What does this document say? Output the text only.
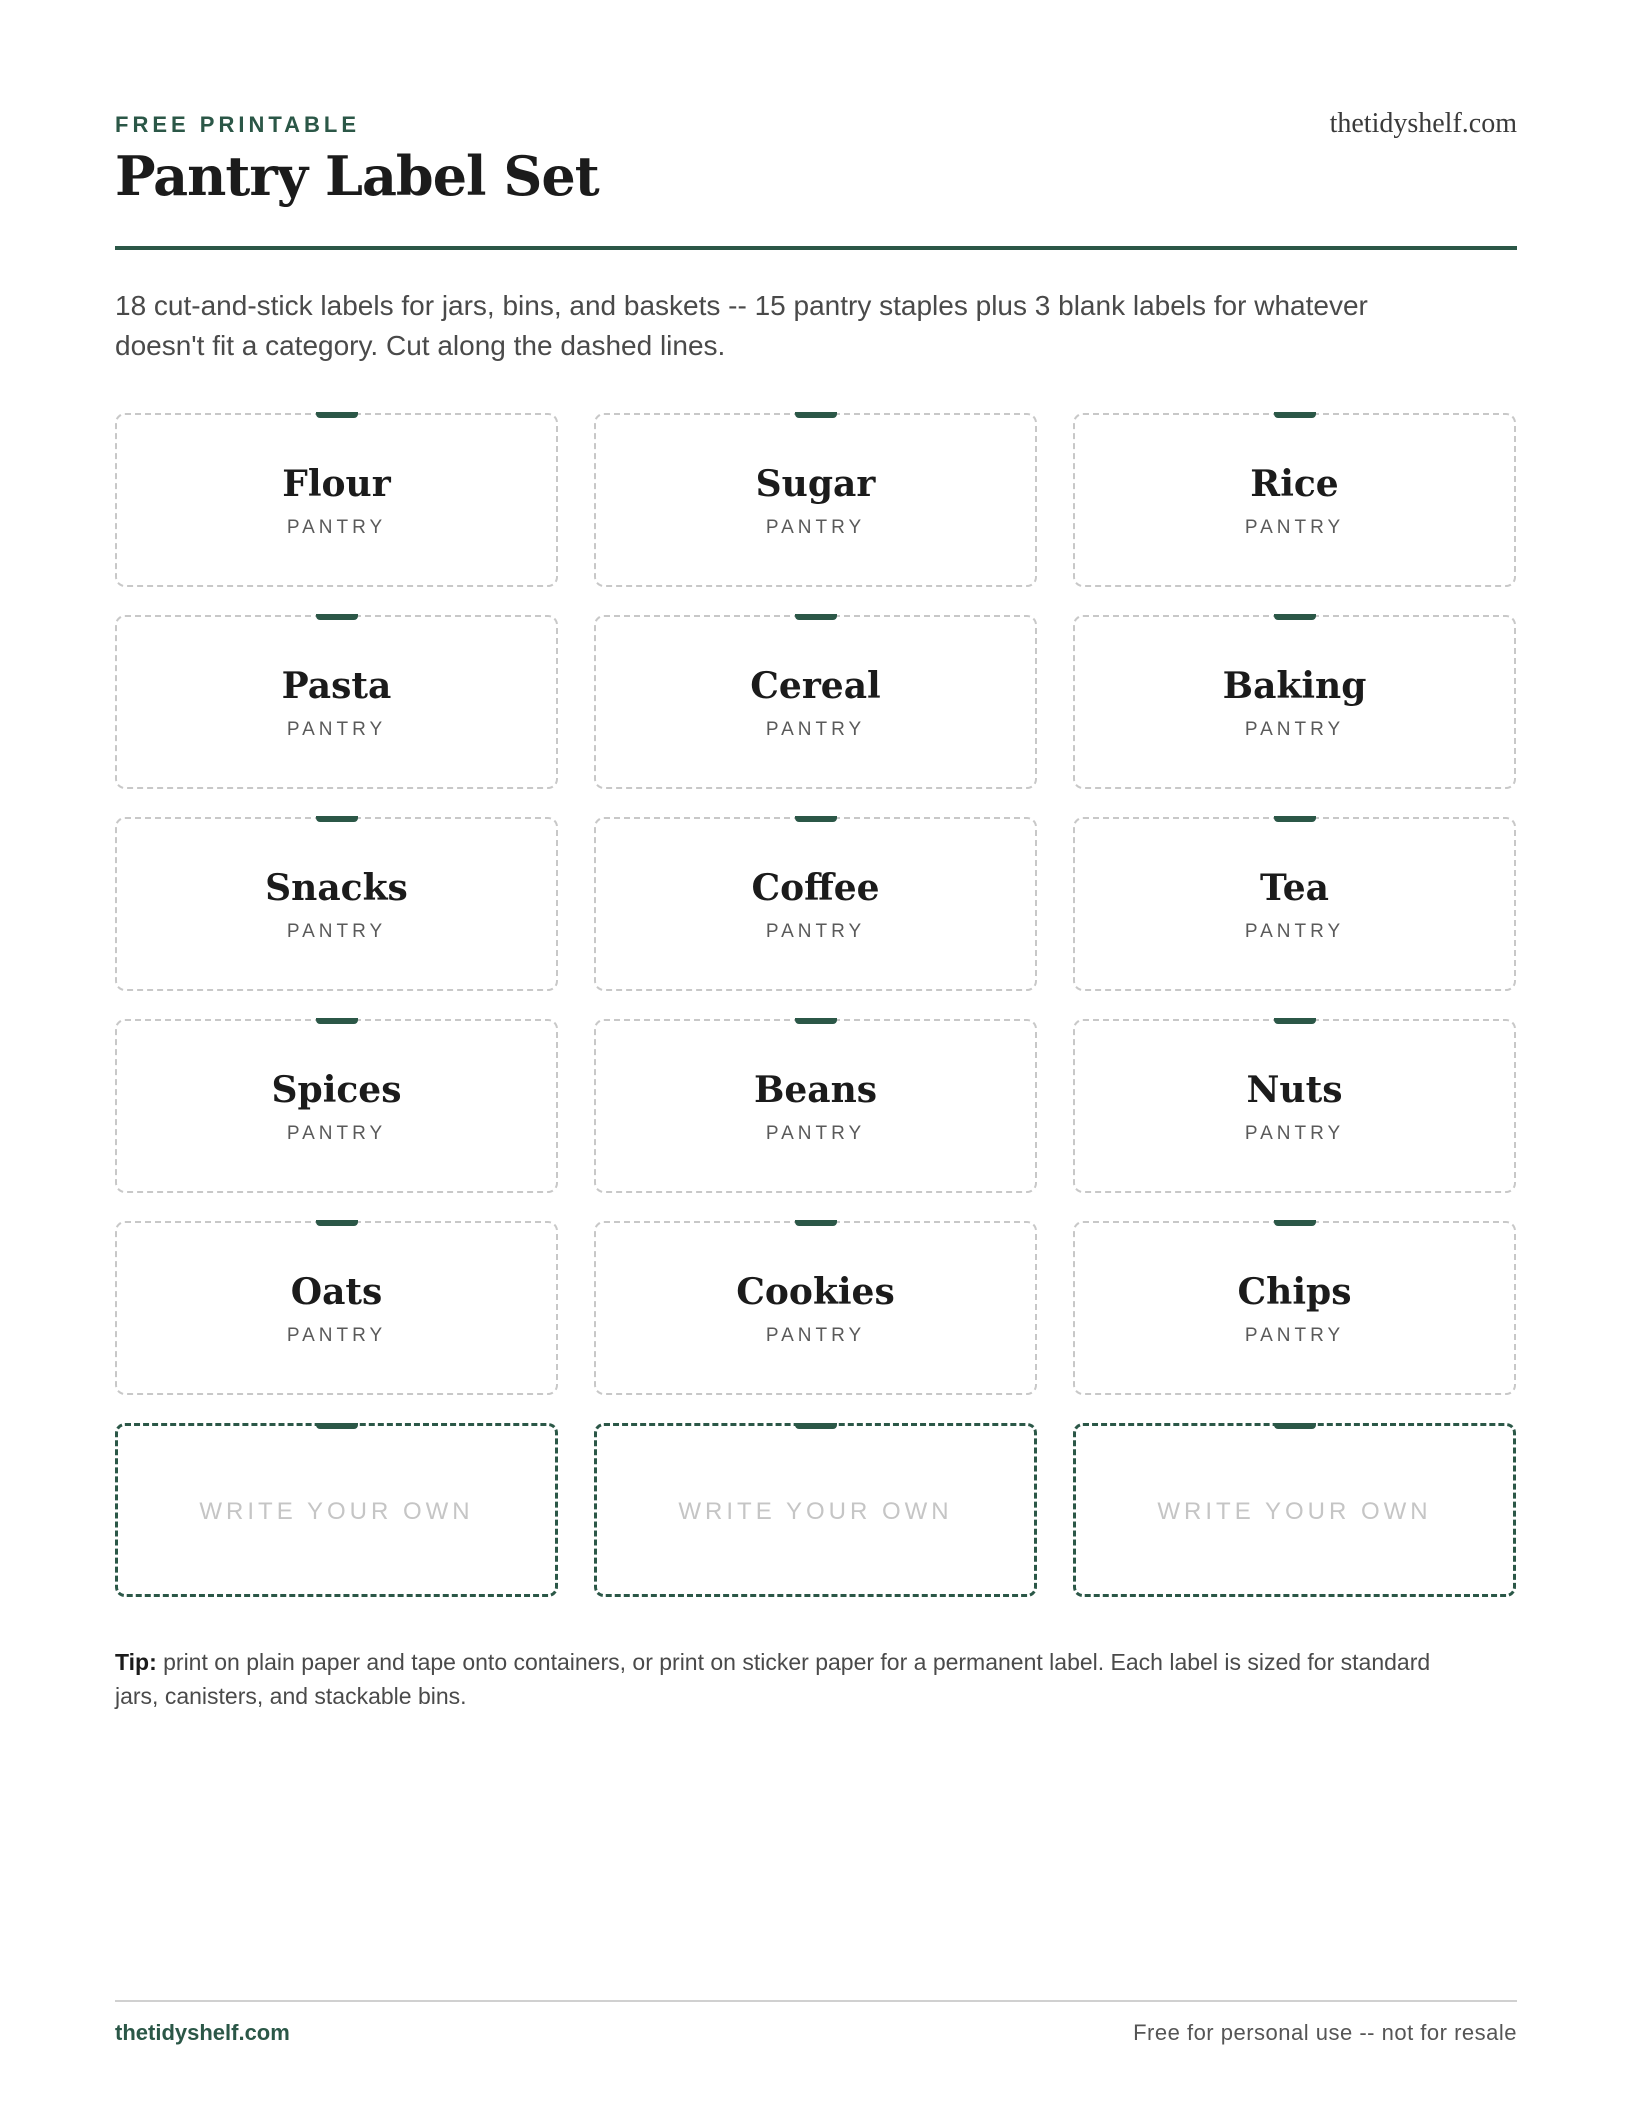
FREE PRINTABLE	thetidyshelf.com
Pantry Label Set

18 cut-and-stick labels for jars, bins, and baskets -- 15 pantry staples plus 3 blank labels for whatever doesn't fit a category. Cut along the dashed lines.

Flour
PANTRY
Sugar
PANTRY
Rice
PANTRY
Pasta
PANTRY
Cereal
PANTRY
Baking
PANTRY
Snacks
PANTRY
Coffee
PANTRY
Tea
PANTRY
Spices
PANTRY
Beans
PANTRY
Nuts
PANTRY
Oats
PANTRY
Cookies
PANTRY
Chips
PANTRY
WRITE YOUR OWN	WRITE YOUR OWN	WRITE YOUR OWN

Tip: print on plain paper and tape onto containers, or print on sticker paper for a permanent label. Each label is sized for standard jars, canisters, and stackable bins.

thetidyshelf.com	Free for personal use -- not for resale
